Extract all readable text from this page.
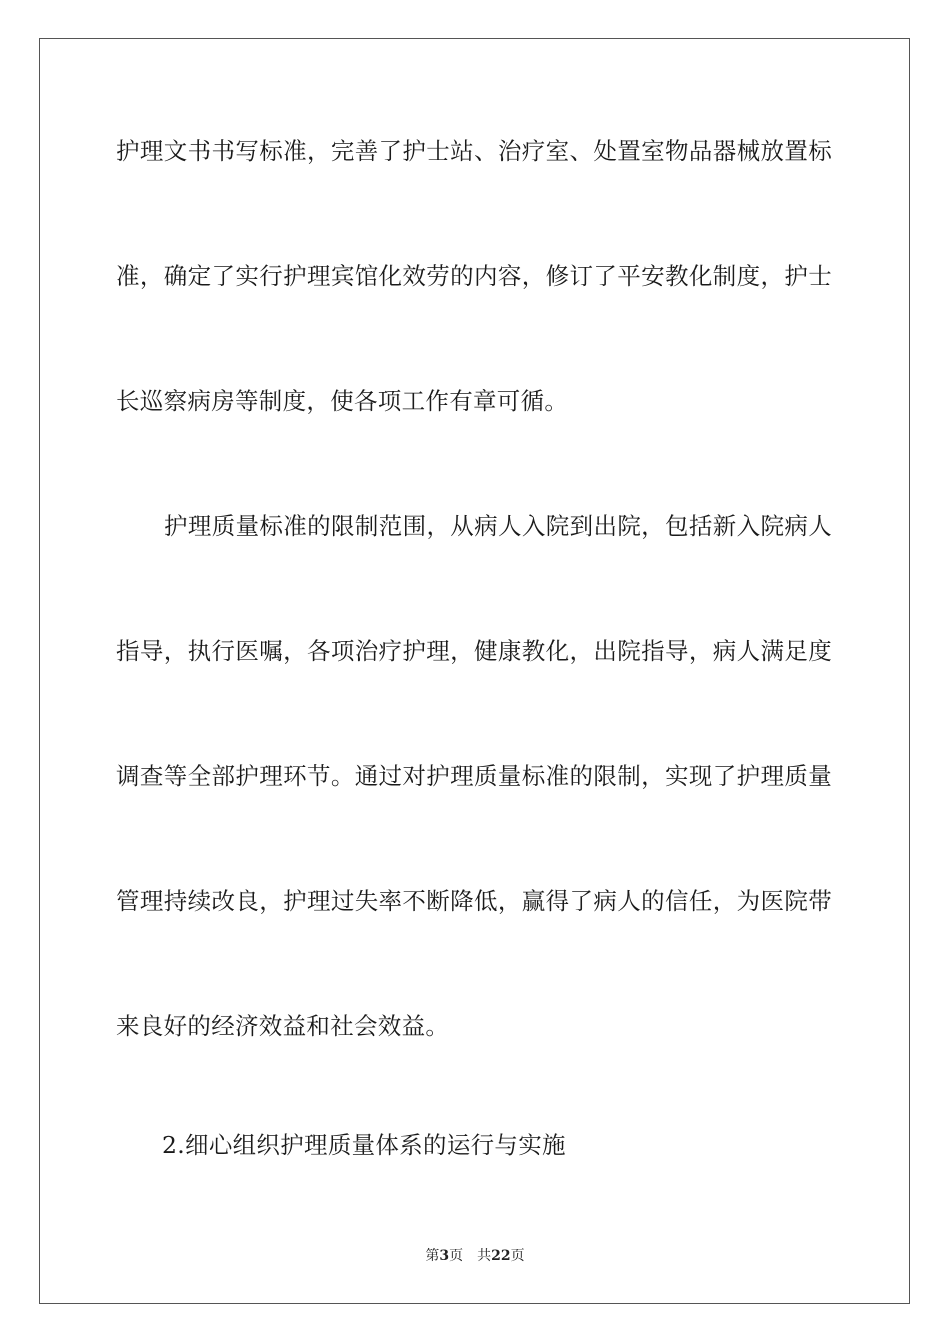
护理文书书写标准，完善了护士站、治疗室、处置室物品器械放置标
准，确定了实行护理宾馆化效劳的内容，修订了平安教化制度，护士
长巡察病房等制度，使各项工作有章可循。
护理质量标准的限制范围，从病人入院到出院，包括新入院病人
指导，执行医嘱，各项治疗护理，健康教化，出院指导，病人满足度
调查等全部护理环节。通过对护理质量标准的限制，实现了护理质量
管理持续改良，护理过失率不断降低，赢得了病人的信任，为医院带
来良好的经济效益和社会效益。
2.细心组织护理质量体系的运行与实施
第3页 共22页
